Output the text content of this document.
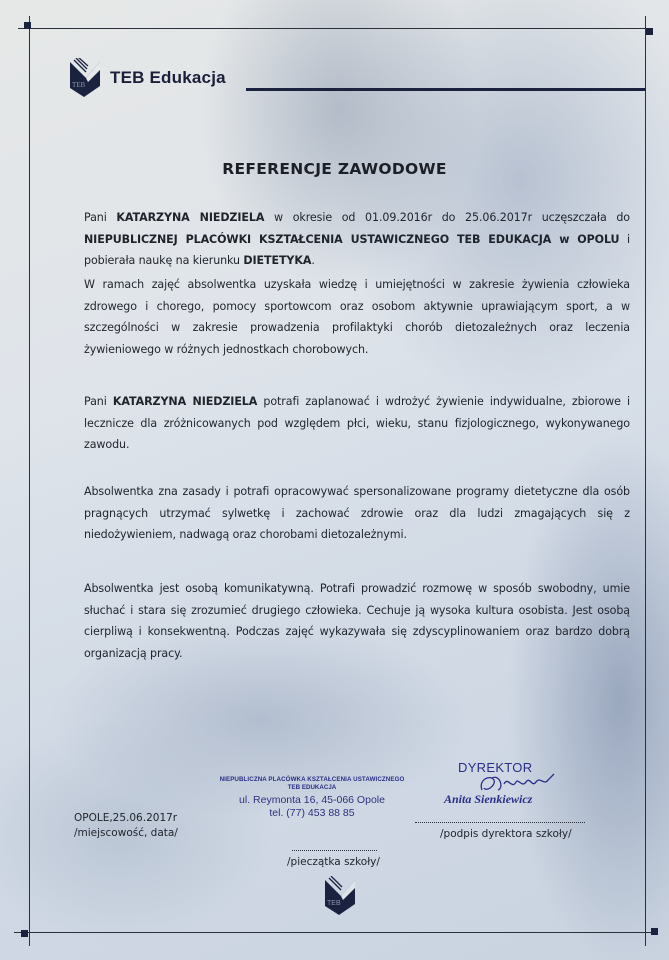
TEB TEB Edukacja
REFERENCJE ZAWODOWE
Pani KATARZYNA NIEDZIELA w okresie od 01.09.2016r do 25.06.2017r uczęszczała do NIEPUBLICZNEJ PLACÓWKI KSZTAŁCENIA USTAWICZNEGO TEB EDUKACJA w OPOLU i pobierała naukę na kierunku DIETETYKA.
W ramach zajęć absolwentka uzyskała wiedzę i umiejętności w zakresie żywienia człowieka zdrowego i chorego, pomocy sportowcom oraz osobom aktywnie uprawiającym sport, a w szczególności w zakresie prowadzenia profilaktyki chorób dietozależnych oraz leczenia żywieniowego w różnych jednostkach chorobowych.
Pani KATARZYNA NIEDZIELA potrafi zaplanować i wdrożyć żywienie indywidualne, zbiorowe i lecznicze dla zróżnicowanych pod względem płci, wieku, stanu fizjologicznego, wykonywanego zawodu.
Absolwentka zna zasady i potrafi opracowywać spersonalizowane programy dietetyczne dla osób pragnących utrzymać sylwetkę i zachować zdrowie oraz dla ludzi zmagających się z niedożywieniem, nadwagą oraz chorobami dietozależnymi.
Absolwentka jest osobą komunikatywną. Potrafi prowadzić rozmowę w sposób swobodny, umie słuchać i stara się zrozumieć drugiego człowieka. Cechuje ją wysoka kultura osobista. Jest osobą cierpliwą i konsekwentną. Podczas zajęć wykazywała się zdyscyplinowaniem oraz bardzo dobrą organizacją pracy.
NIEPUBLICZNA PLACÓWKA KSZTAŁCENIA USTAWICZNEGO
TEB EDUKACJA
ul. Reymonta 16, 45-066 Opole
tel. (77) 453 88 85
DYREKTOR
Anita Sienkiewicz
/podpis dyrektora szkoły/
OPOLE,25.06.2017r
/miejscowość, data/
/pieczątka szkoły/
TEB
